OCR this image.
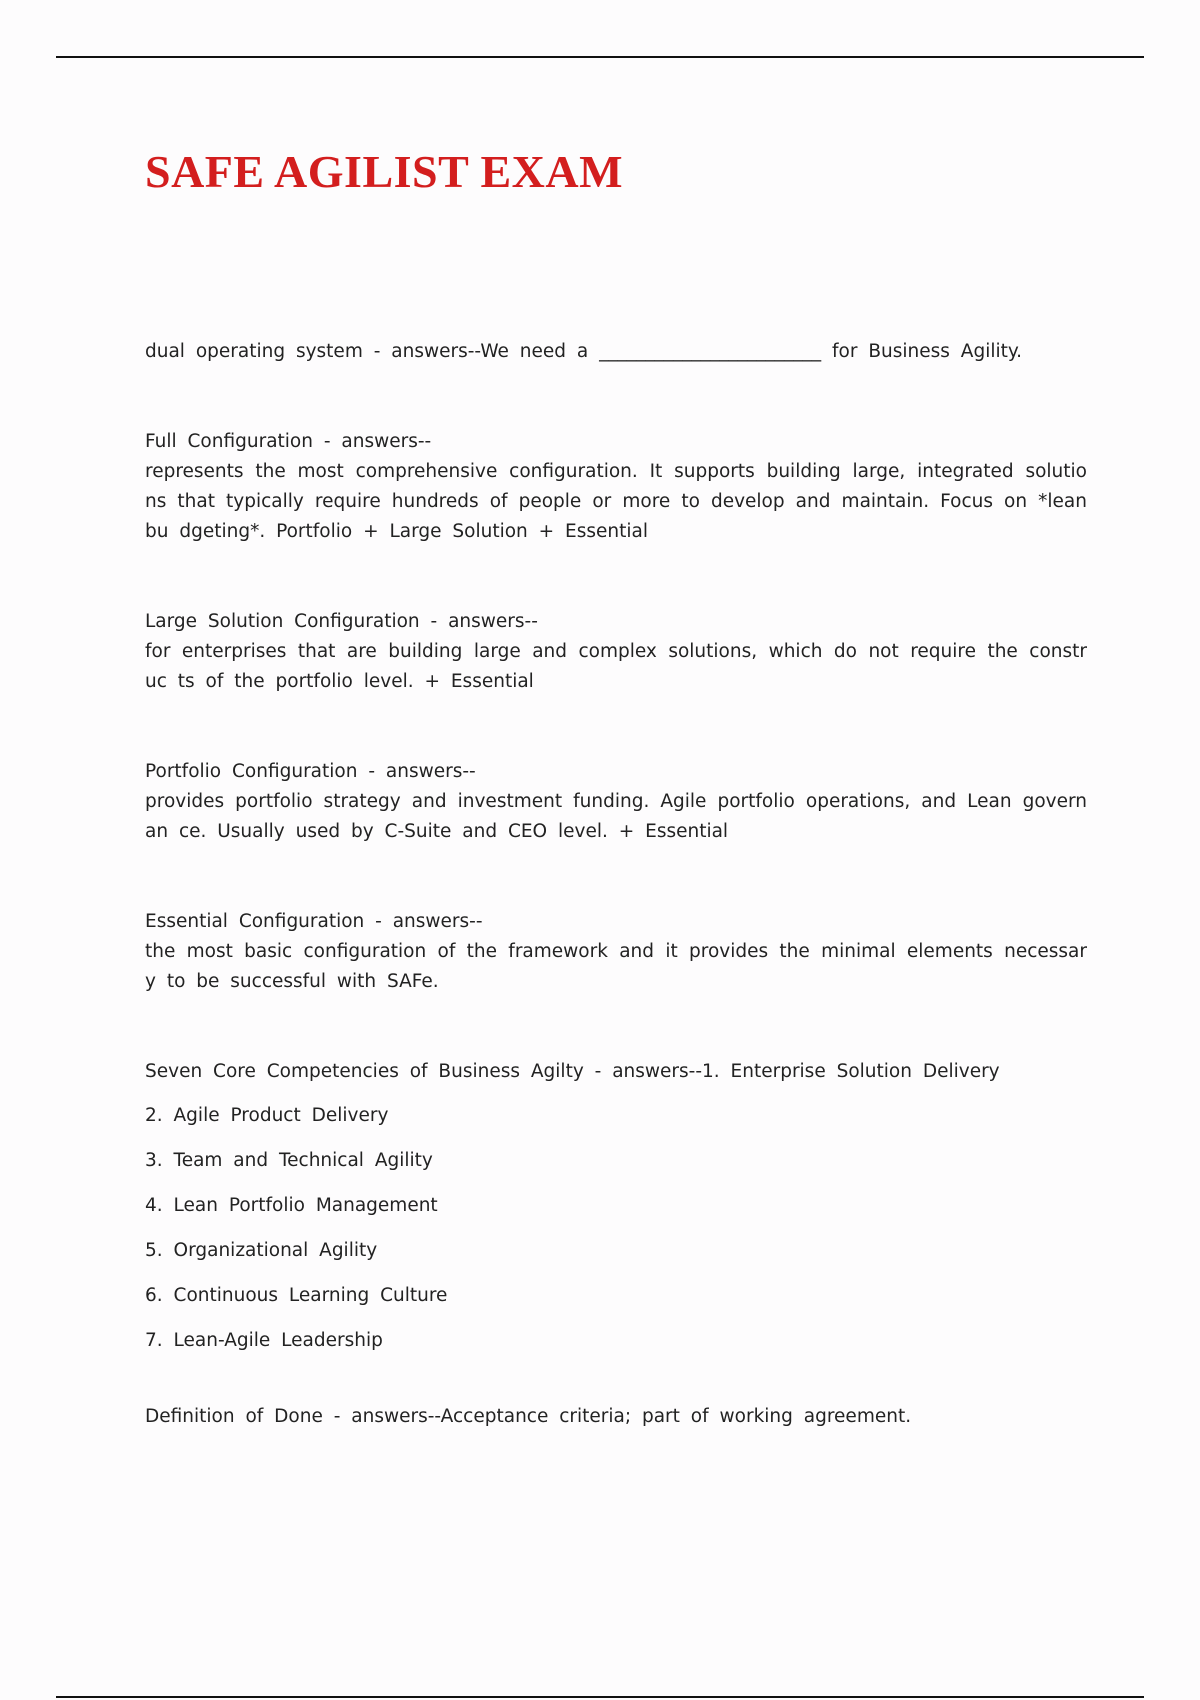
SAFE AGILIST EXAM

dual operating system - answers--We need a ________________________ for Business Agility.

Full Configuration - answers--
represents the most comprehensive configuration. It supports building large, integrated solutions that typically require hundreds of people or more to develop and maintain. Focus on *lean bu dgeting*. Portfolio + Large Solution + Essential
Large Solution Configuration - answers--
for enterprises that are building large and complex solutions, which do not require the construc ts of the portfolio level. + Essential
Portfolio Configuration - answers--
provides portfolio strategy and investment funding. Agile portfolio operations, and Lean governan ce. Usually used by C-Suite and CEO level. + Essential
Essential Configuration - answers--
the most basic configuration of the framework and it provides the minimal elements necessary to be successful with SAFe.
Seven Core Competencies of Business Agilty - answers--1. Enterprise Solution Delivery
2. Agile Product Delivery
3. Team and Technical Agility
4. Lean Portfolio Management
5. Organizational Agility
6. Continuous Learning Culture
7. Lean-Agile Leadership

Definition of Done - answers--Acceptance criteria; part of working agreement.
